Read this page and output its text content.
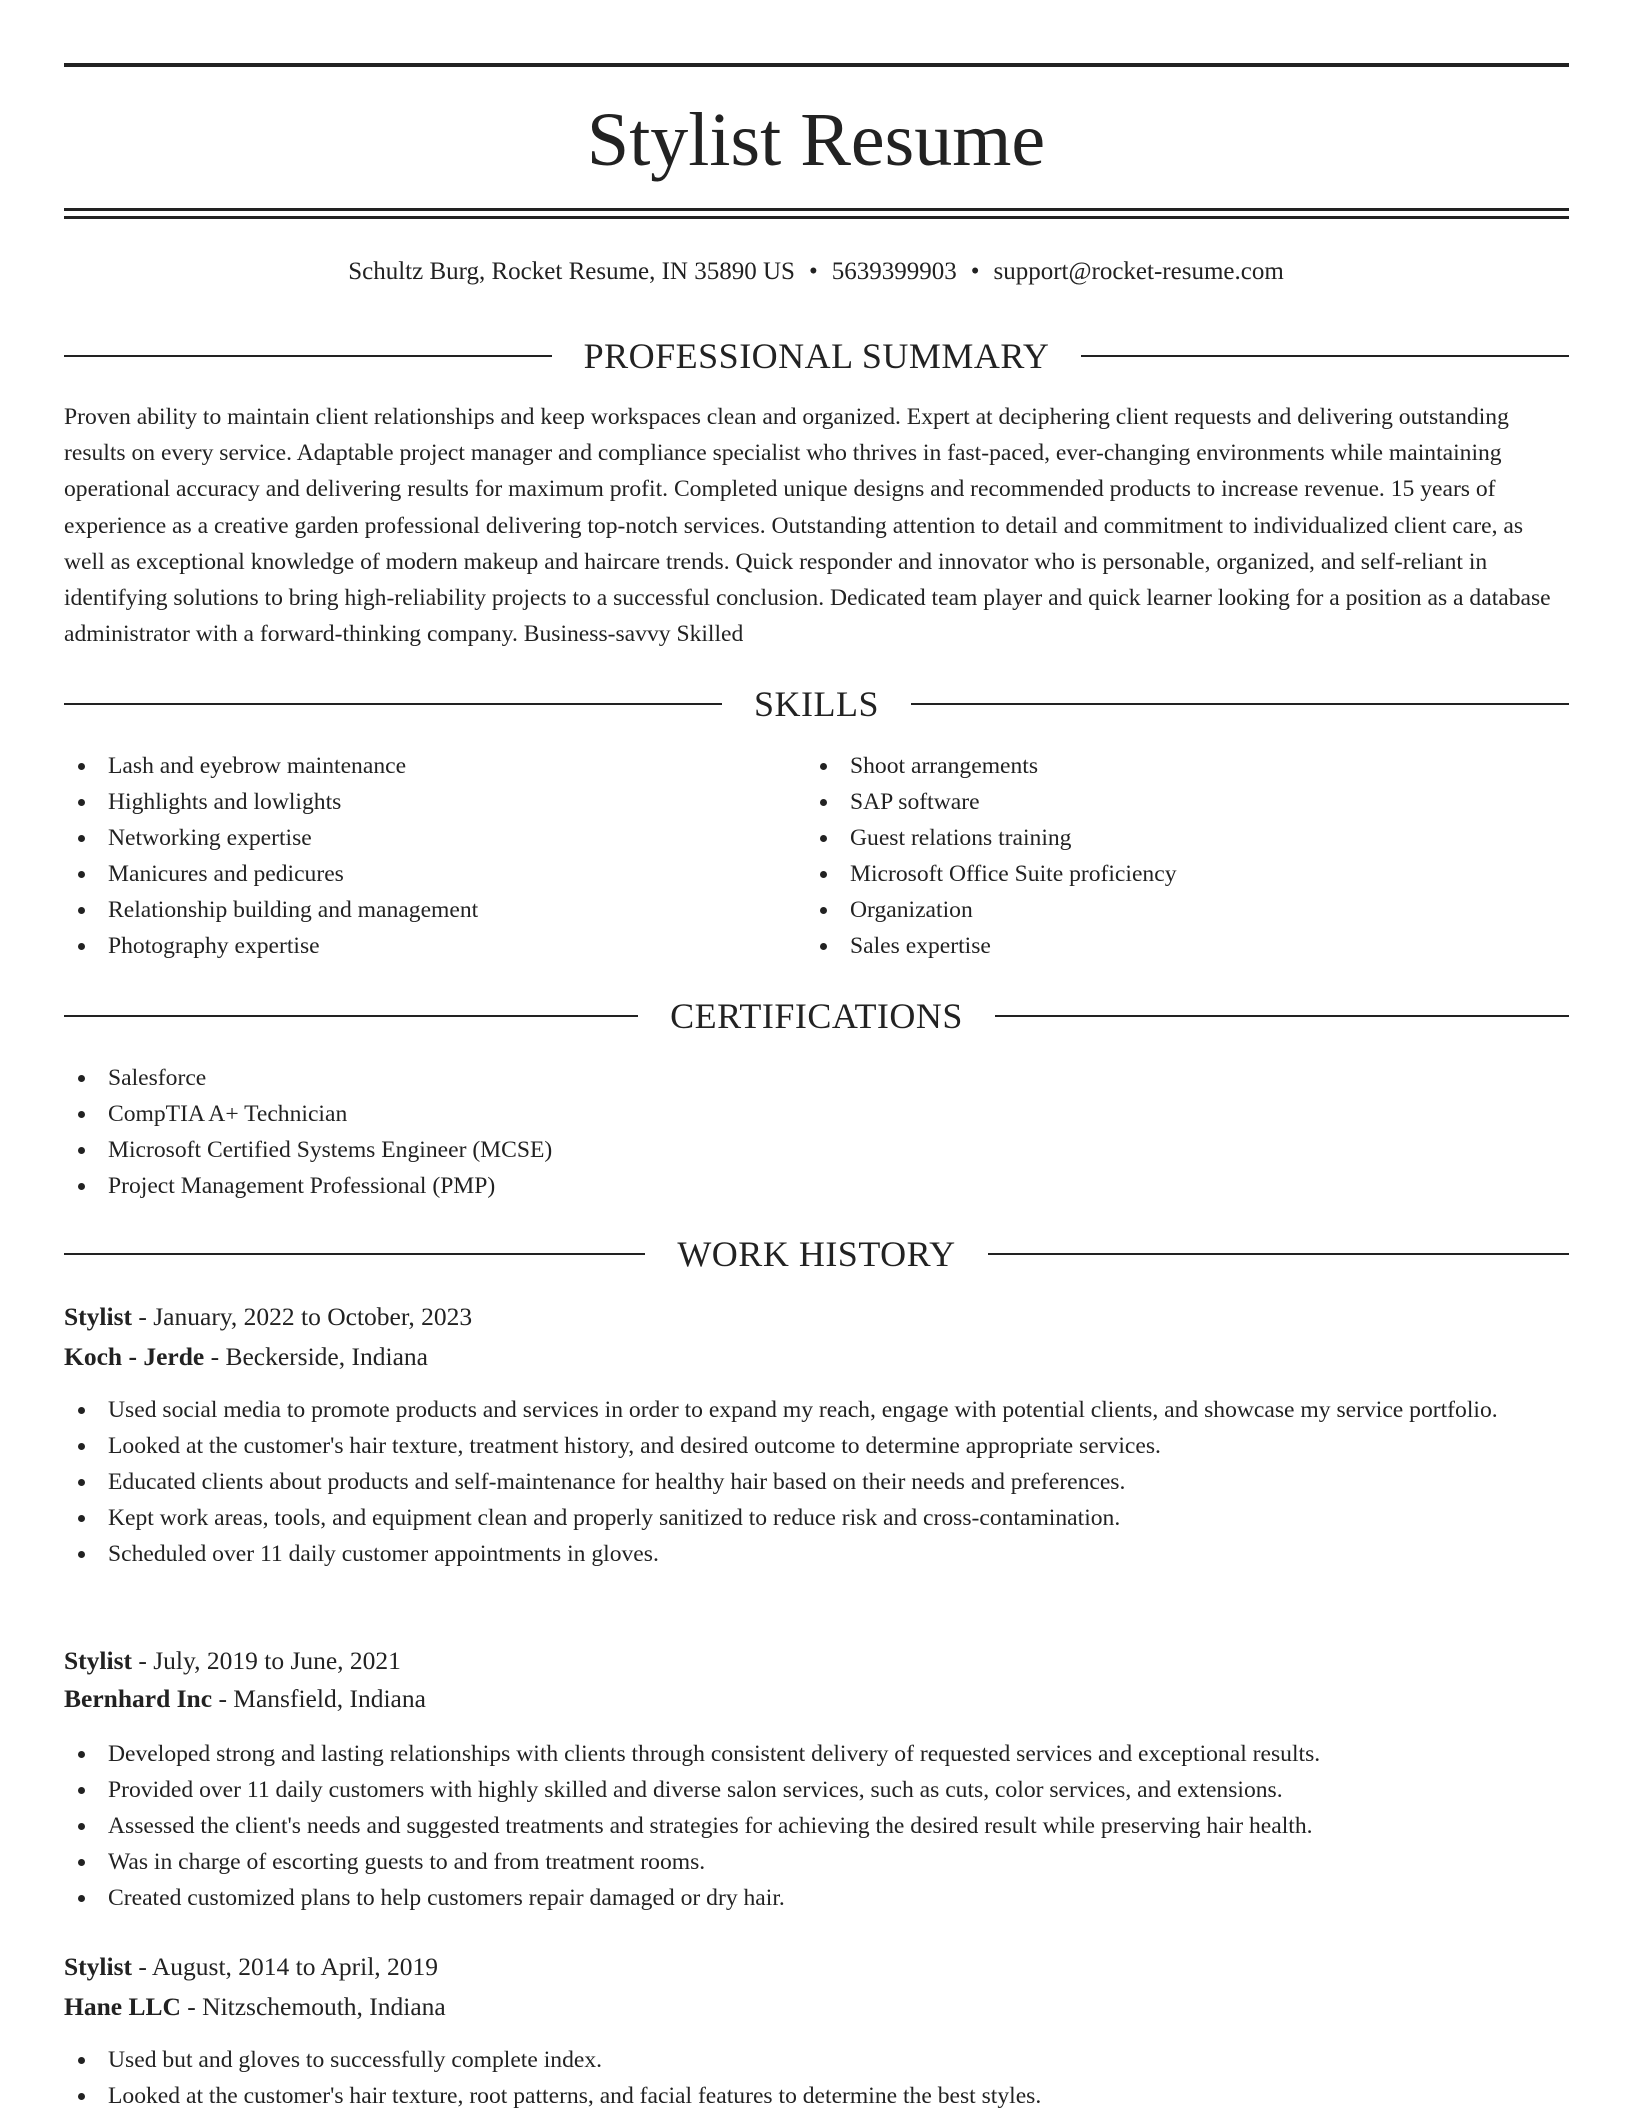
Stylist Resume
Schultz Burg, Rocket Resume, IN 35890 US • 5639399903 • support@rocket-resume.com
PROFESSIONAL SUMMARY

Proven ability to maintain client relationships and keep workspaces clean and organized. Expert at deciphering client requests and delivering outstanding results on every service. Adaptable project manager and compliance specialist who thrives in fast-paced, ever-changing environments while maintaining operational accuracy and delivering results for maximum profit. Completed unique designs and recommended products to increase revenue. 15 years of experience as a creative garden professional delivering top-notch services. Outstanding attention to detail and commitment to individualized client care, as well as exceptional knowledge of modern makeup and haircare trends. Quick responder and innovator who is personable, organized, and self-reliant in identifying solutions to bring high-reliability projects to a successful conclusion. Dedicated team player and quick learner looking for a position as a database administrator with a forward-thinking company. Business-savvy Skilled

SKILLS
Lash and eyebrow maintenance
Highlights and lowlights
Networking expertise
Manicures and pedicures
Relationship building and management
Photography expertise
Shoot arrangements
SAP software
Guest relations training
Microsoft Office Suite proficiency
Organization
Sales expertise
CERTIFICATIONS
Salesforce
CompTIA A+ Technician
Microsoft Certified Systems Engineer (MCSE)
Project Management Professional (PMP)
WORK HISTORY
Stylist - January, 2022 to October, 2023
Koch - Jerde - Beckerside, Indiana
Used social media to promote products and services in order to expand my reach, engage with potential clients, and showcase my service portfolio.
Looked at the customer's hair texture, treatment history, and desired outcome to determine appropriate services.
Educated clients about products and self-maintenance for healthy hair based on their needs and preferences.
Kept work areas, tools, and equipment clean and properly sanitized to reduce risk and cross-contamination.
Scheduled over 11 daily customer appointments in gloves.
Stylist - July, 2019 to June, 2021
Bernhard Inc - Mansfield, Indiana
Developed strong and lasting relationships with clients through consistent delivery of requested services and exceptional results.
Provided over 11 daily customers with highly skilled and diverse salon services, such as cuts, color services, and extensions.
Assessed the client's needs and suggested treatments and strategies for achieving the desired result while preserving hair health.
Was in charge of escorting guests to and from treatment rooms.
Created customized plans to help customers repair damaged or dry hair.
Stylist - August, 2014 to April, 2019
Hane LLC - Nitzschemouth, Indiana
Used but and gloves to successfully complete index.
Looked at the customer's hair texture, root patterns, and facial features to determine the best styles.
